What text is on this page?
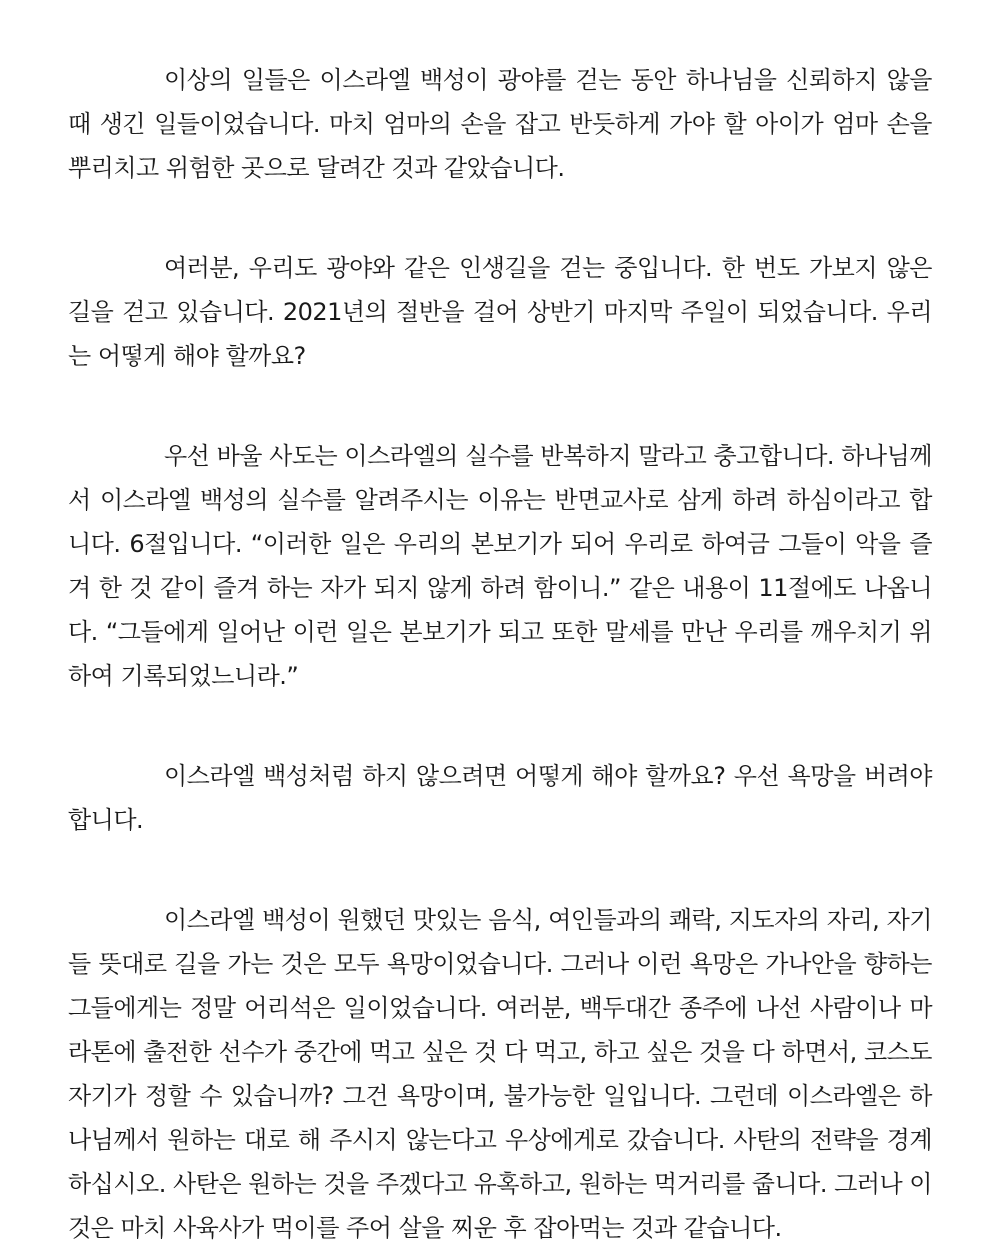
이상의 일들은 이스라엘 백성이 광야를 걷는 동안 하나님을 신뢰하지 않을 때 생긴 일들이었습니다. 마치 엄마의 손을 잡고 반듯하게 가야 할 아이가 엄마 손을 뿌리치고 위험한 곳으로 달려간 것과 같았습니다.

여러분, 우리도 광야와 같은 인생길을 걷는 중입니다. 한 번도 가보지 않은 길을 걷고 있습니다. 2021년의 절반을 걸어 상반기 마지막 주일이 되었습니다. 우리는 어떻게 해야 할까요?

우선 바울 사도는 이스라엘의 실수를 반복하지 말라고 충고합니다. 하나님께서 이스라엘 백성의 실수를 알려주시는 이유는 반면교사로 삼게 하려 하심이라고 합니다. 6절입니다. “이러한 일은 우리의 본보기가 되어 우리로 하여금 그들이 악을 즐겨 한 것 같이 즐겨 하는 자가 되지 않게 하려 함이니.” 같은 내용이 11절에도 나옵니다. “그들에게 일어난 이런 일은 본보기가 되고 또한 말세를 만난 우리를 깨우치기 위하여 기록되었느니라.”

이스라엘 백성처럼 하지 않으려면 어떻게 해야 할까요? 우선 욕망을 버려야 합니다.

이스라엘 백성이 원했던 맛있는 음식, 여인들과의 쾌락, 지도자의 자리, 자기들 뜻대로 길을 가는 것은 모두 욕망이었습니다. 그러나 이런 욕망은 가나안을 향하는 그들에게는 정말 어리석은 일이었습니다. 여러분, 백두대간 종주에 나선 사람이나 마라톤에 출전한 선수가 중간에 먹고 싶은 것 다 먹고, 하고 싶은 것을 다 하면서, 코스도 자기가 정할 수 있습니까? 그건 욕망이며, 불가능한 일입니다. 그런데 이스라엘은 하나님께서 원하는 대로 해 주시지 않는다고 우상에게로 갔습니다. 사탄의 전략을 경계하십시오. 사탄은 원하는 것을 주겠다고 유혹하고, 원하는 먹거리를 줍니다. 그러나 이것은 마치 사육사가 먹이를 주어 살을 찌운 후 잡아먹는 것과 같습니다.
